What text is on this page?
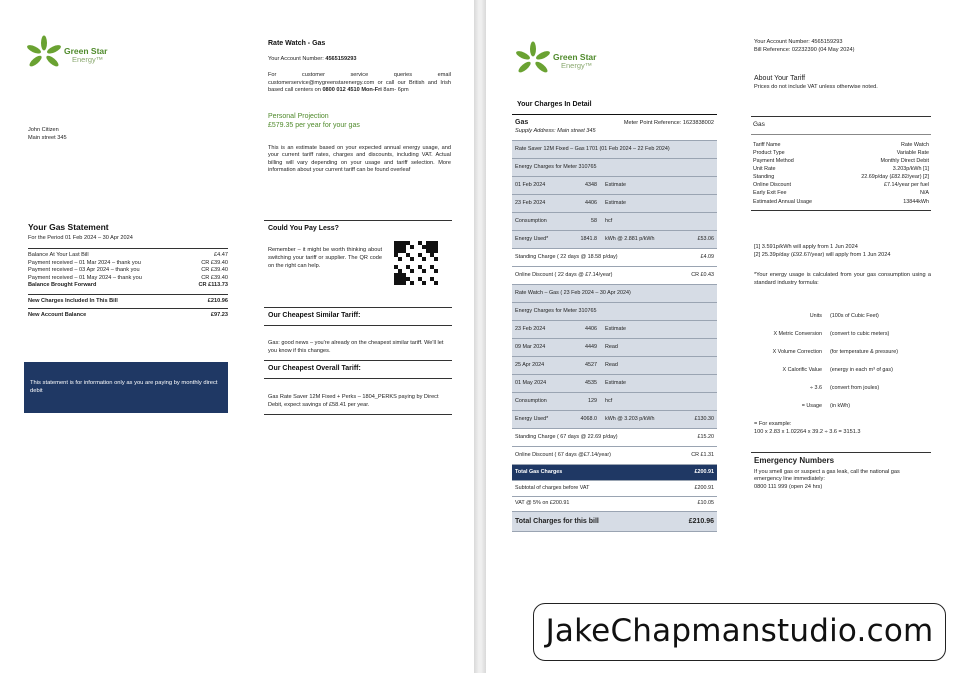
Green Star
Energy™
John Citizen
Main street 345
Your Gas Statement
For the Period 01 Feb 2024 – 30 Apr 2024
Balance At Your Last Bill	£4.47
Payment received – 01 Mar 2024 – thank you	CR £39.40
Payment received – 03 Apr 2024 – thank you	CR £39.40
Payment received – 01 May 2024 – thank you	CR £39.40
Balance Brought Forward	CR £113.73
New Charges Included In This Bill	£210.96
New Account Balance	£97.23
This statement is for information only as you are paying by monthly direct debit
Rate Watch - Gas
Your Account Number: 4565159293
For customer service queries email customerservice@mygreenstarenergy.com or call our British and Irish based call centers on 0800 012 4510 Mon-Fri 8am- 6pm
Personal Projection
£579.35 per year for your gas
This is an estimate based on your expected annual energy usage, and your current tariff rates, charges and discounts, including VAT. Actual billing will vary depending on your usage and tariff selection. More information about your current tariff can be found overleaf
Could You Pay Less?
Remember – it might be worth thinking about switching your tariff or supplier. The QR code on the right can help.
Our Cheapest Similar Tariff:
Gas: good news – you're already on the cheapest similar tariff. We'll let you know if this changes.
Our Cheapest Overall Tariff:
Gas Rate Saver 12M Fixed + Perks – 1804_PERKS paying by Direct Debit, expect savings of £58.41 per year.
Green Star
Energy™
Your Charges In Detail
Gas	Meter Point Reference: 1623838002
Supply Address: Main street 345
Rate Saver 12M Fixed – Gas 1701 (01 Feb 2024 – 22 Feb 2024)
Energy Charges for Meter 310765
01 Feb 2024	4348	Estimate
23 Feb 2024	4406	Estimate
Consumption	58	hcf
Energy Used*	1841.8	kWh @ 2.881 p/kWh	£53.06
Standing Charge ( 22 days @ 18.58 p/day)	£4.09
Online Discount ( 22 days @ £7.14/year)	CR £0.43
Rate Watch – Gas ( 23 Feb 2024 – 30 Apr 2024)
Energy Charges for Meter 310765
23 Feb 2024	4406	Estimate
09 Mar 2024	4449	Read
25 Apr 2024	4527	Read
01 May 2024	4535	Estimate
Consumption	129	hcf
Energy Used*	4068.0	kWh @ 3.203 p/kWh	£130.30
Standing Charge ( 67 days @ 22.69 p/day)	£15.20
Online Discount ( 67 days @£7.14/year)	CR £1.31
Total Gas Charges	£200.91
Subtotal of charges before VAT	£200.91
VAT @ 5% on £200.91	£10.05
Total Charges for this bill	£210.96
Your Account Number: 4565159293
Bill Reference: 02232390 (04 May 2024)
About Your Tariff
Prices do not include VAT unless otherwise noted.
Gas
Tariff Name	Rate Watch
Product Type	Variable Rate
Payment Method	Monthly Direct Debit
Unit Rate	3.203p/kWh [1]
Standing	22.69p/day (£82.82/year) [2]
Online Discount	£7.14/year per fuel
Early Exit Fee	N/A
Estimated Annual Usage	13844kWh
[1] 3.591p/kWh will apply from 1 Jun 2024
[2] 25.39p/day (£92.67/year) will apply from 1 Jun 2024
*Your energy usage is calculated from your gas consumption using a standard industry formula:
Units	(100s of Cubic Feet)
X Metric Conversion	(convert to cubic meters)
X Volume Correction	(for temperature & pressure)
X Calorific Value	(energy in each m³ of gas)
÷ 3.6	(convert from joules)
= Usage	(in kWh)
= For example:
100 x 2.83 x 1.02264 x 39.2 ÷ 3.6 = 3151.3
Emergency Numbers
If you smell gas or suspect a gas leak, call the national gas emergency line immediately:
0800 111 999 (open 24 hrs)
JakeChapmanstudio.com
